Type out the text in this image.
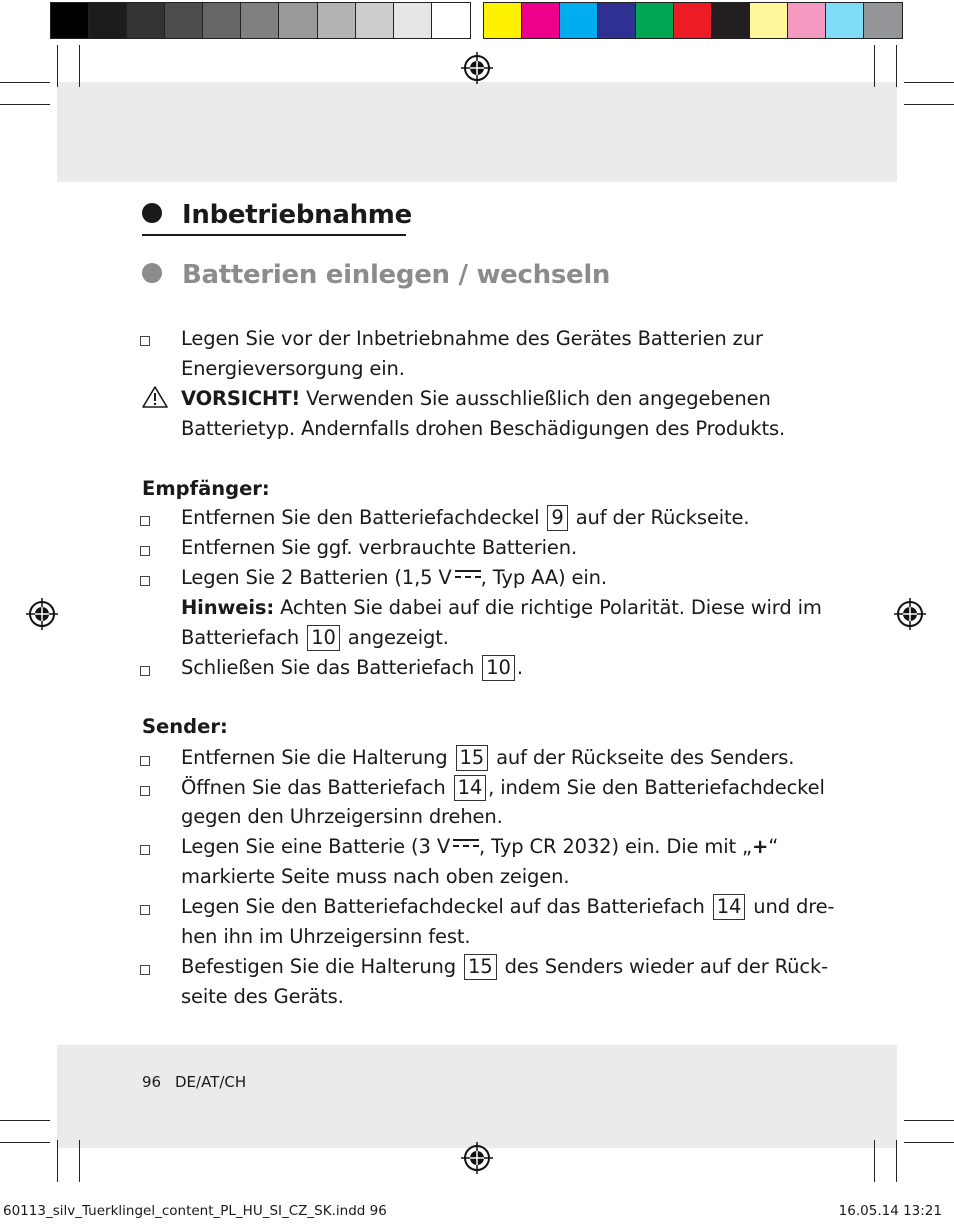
Inbetriebnahme
Batterien einlegen / wechseln
Legen Sie vor der Inbetriebnahme des Gerätes Batterien zur
Energieversorgung ein.
VORSICHT! Verwenden Sie ausschließlich den angegebenen
Batterietyp. Andernfalls drohen Beschädigungen des Produkts.
Empfänger:
Entfernen Sie den Batteriefachdeckel 9 auf der Rückseite.
Entfernen Sie ggf. verbrauchte Batterien.
Legen Sie 2 Batterien (1,5 V , Typ AA) ein.
Hinweis: Achten Sie dabei auf die richtige Polarität. Diese wird im
Batteriefach 10 angezeigt.
Schließen Sie das Batteriefach 10 .
Sender:
Entfernen Sie die Halterung 15 auf der Rückseite des Senders.
Öffnen Sie das Batteriefach 14 , indem Sie den Batteriefachdeckel
gegen den Uhrzeigersinn drehen.
Legen Sie eine Batterie (3 V , Typ CR 2032) ein. Die mit „+“
markierte Seite muss nach oben zeigen.
Legen Sie den Batteriefachdeckel auf das Batteriefach 14 und dre-
hen ihn im Uhrzeigersinn fest.
Befestigen Sie die Halterung 15 des Senders wieder auf der Rück-
seite des Geräts.
96 DE/AT/CH
60113_silv_Tuerklingel_content_PL_HU_SI_CZ_SK.indd 96	16.05.14 13:21
